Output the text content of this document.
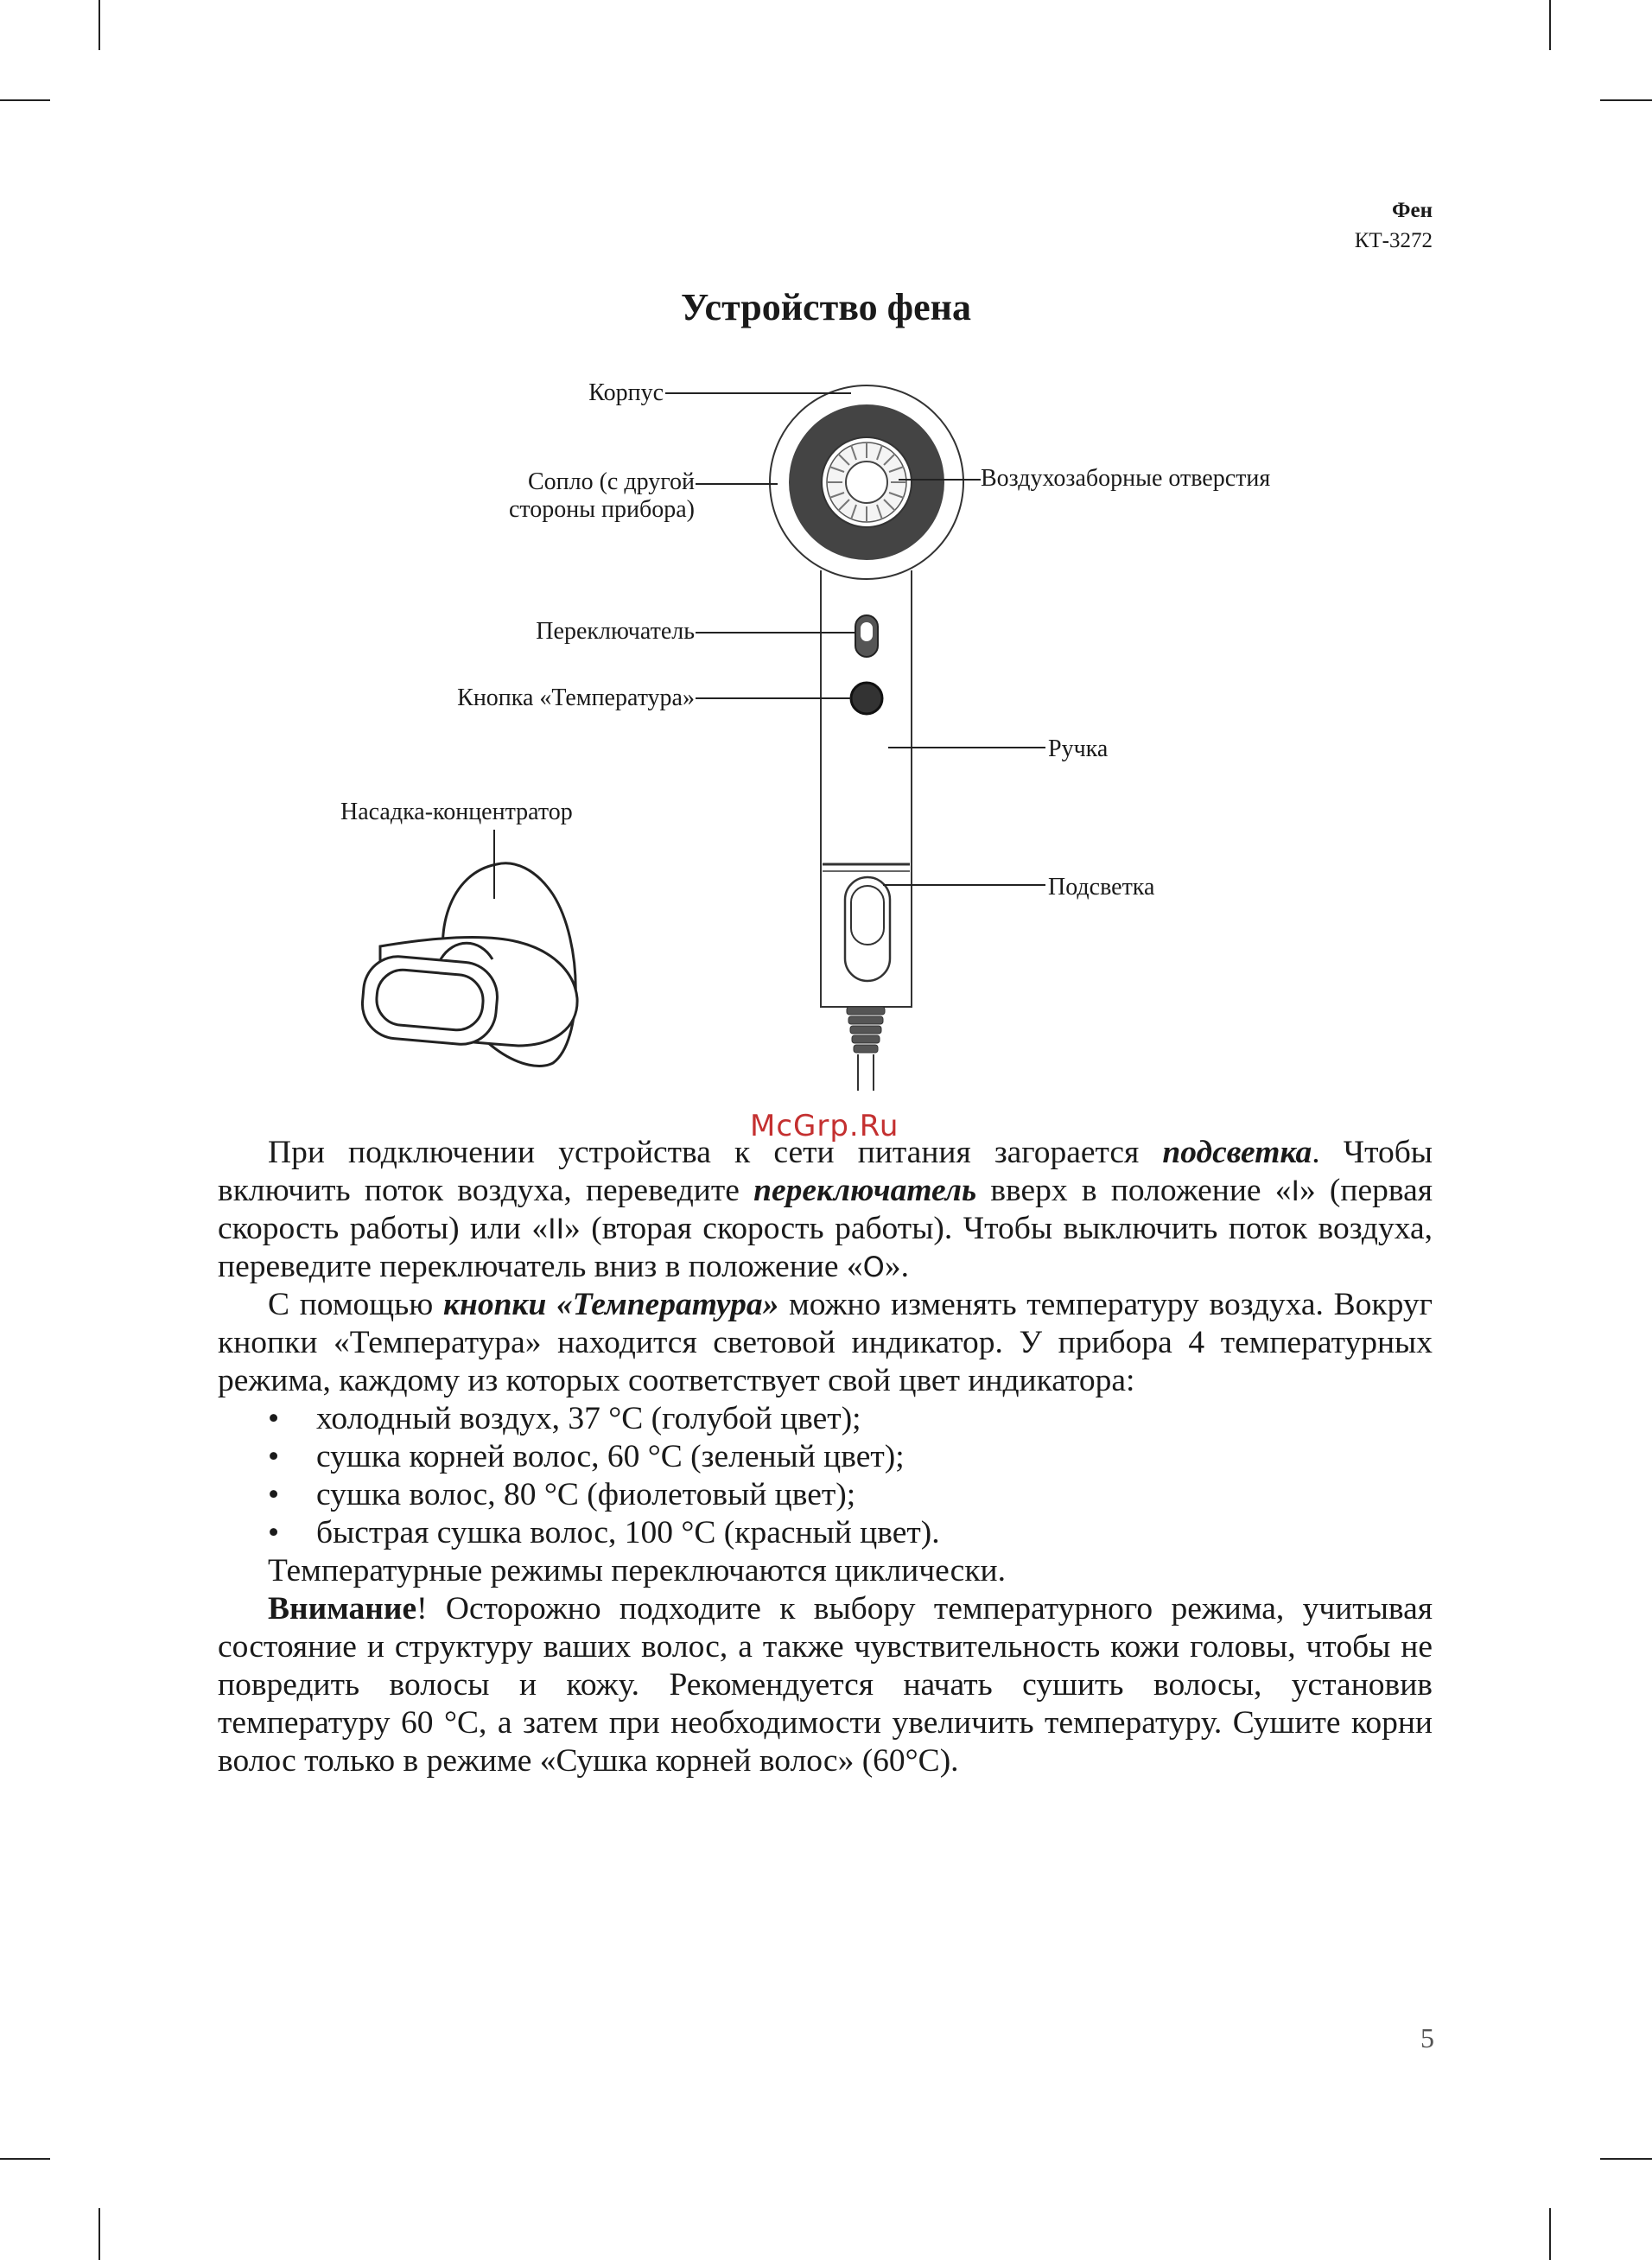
Фен
КТ-3272
Устройство фена
Корпус
Сопло (с другой
стороны прибора)
Воздухозаборные отверстия
Переключатель
Кнопка «Температура»
Ручка
Насадка-концентратор
Подсветка
McGrp.Ru

При подключении устройства к сети питания загорается подсветка. Чтобы включить поток воздуха, переведите переключатель вверх в положение «I» (первая скорость работы) или «II» (вторая скорость работы). Чтобы выключить поток воздуха, переведите переключатель вниз в положение «O».

С помощью кнопки «Температура» можно изменять температуру воздуха. Вокруг кнопки «Температура» находится световой индикатор. У прибора 4 температурных режима, каждому из которых соответствует свой цвет индикатора:

• холодный воздух, 37 °С (голубой цвет);
• сушка корней волос, 60 °С (зеленый цвет);
• сушка волос, 80 °С (фиолетовый цвет);
• быстрая сушка волос, 100 °С (красный цвет).

Температурные режимы переключаются циклически.

Внимание! Осторожно подходите к выбору температурного режима, учитывая состояние и структуру ваших волос, а также чувствительность кожи головы, чтобы не повредить волосы и кожу. Рекомендуется начать сушить волосы, установив температуру 60 °С, а затем при необходимости увеличить температуру. Сушите корни волос только в режиме «Сушка корней волос» (60°С).

5
